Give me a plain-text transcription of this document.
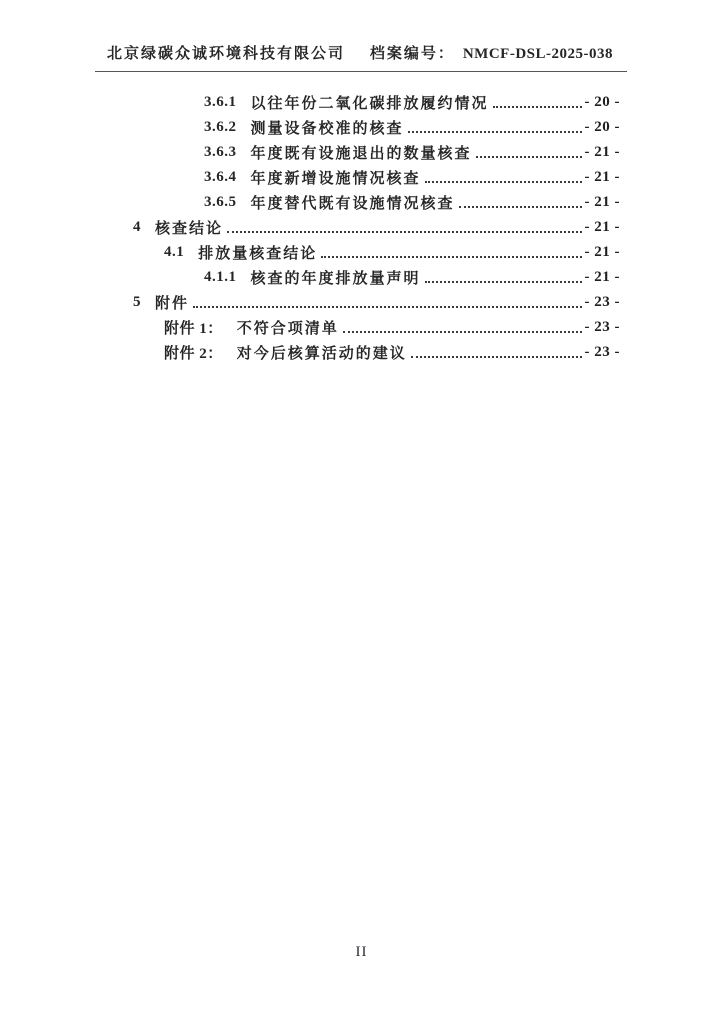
北京绿碳众诚环境科技有限公司 档案编号： NMCF-DSL-2025-038
3.6.1 以往年份二氧化碳排放履约情况	- 20 -
3.6.2 测量设备校准的核查	- 20 -
3.6.3 年度既有设施退出的数量核查	- 21 -
3.6.4 年度新增设施情况核查	- 21 -
3.6.5 年度替代既有设施情况核查	- 21 -
4 核查结论	- 21 -
4.1 排放量核查结论	- 21 -
4.1.1 核查的年度排放量声明	- 21 -
5 附件	- 23 -
附件 1： 不符合项清单	- 23 -
附件 2： 对今后核算活动的建议	- 23 -
II
